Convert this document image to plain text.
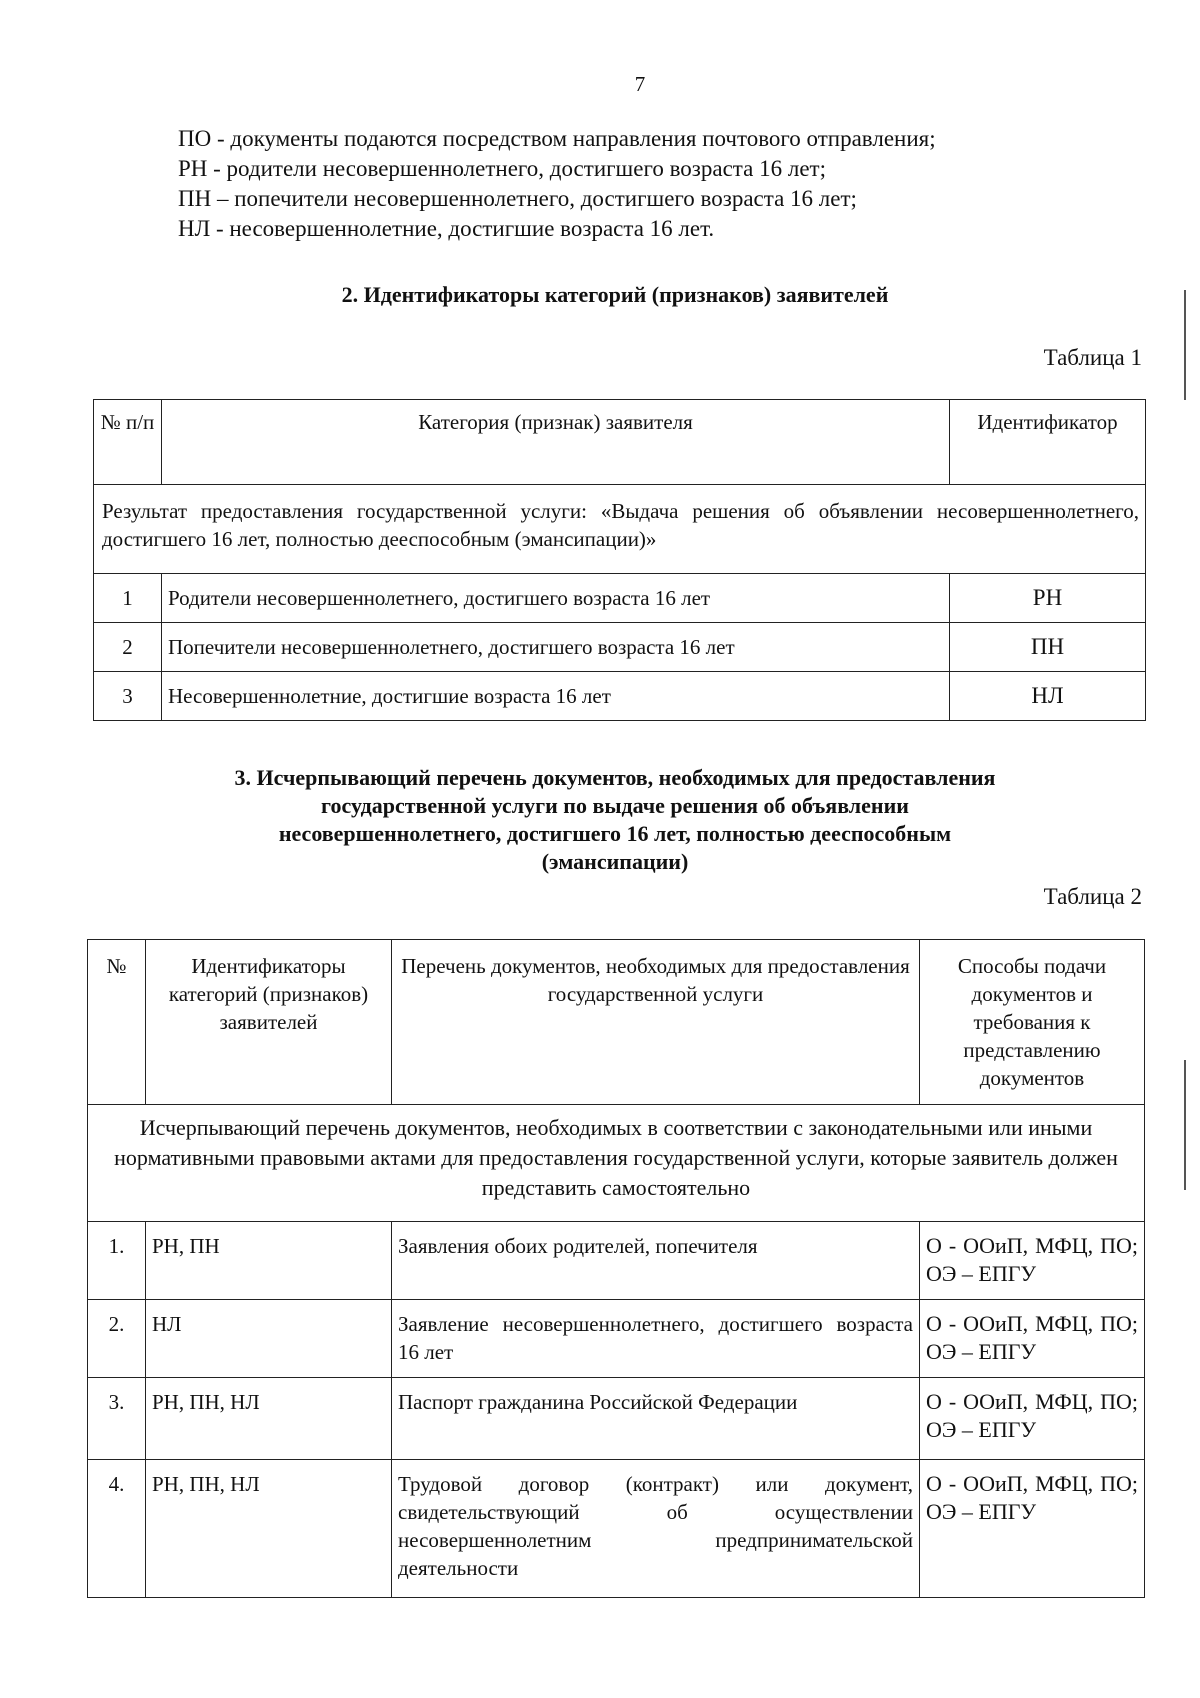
7
ПО - документы подаются посредством направления почтового отправления;
РН - родители несовершеннолетнего, достигшего возраста 16 лет;
ПН – попечители несовершеннолетнего, достигшего возраста 16 лет;
НЛ - несовершеннолетние, достигшие возраста 16 лет.
2. Идентификаторы категорий (признаков) заявителей
Таблица 1
№ п/п	Категория (признак) заявителя	Идентификатор
Результат предоставления государственной услуги: «Выдача решения об объявлении несовершеннолетнего, достигшего 16 лет, полностью дееспособным (эмансипации)»		
1	Родители несовершеннолетнего, достигшего возраста 16 лет	РН
2	Попечители несовершеннолетнего, достигшего возраста 16 лет	ПН
3	Несовершеннолетние, достигшие возраста 16 лет	НЛ
3. Исчерпывающий перечень документов, необходимых для предоставления государственной услуги по выдаче решения об объявлении несовершеннолетнего, достигшего 16 лет, полностью дееспособным (эмансипации)
Таблица 2
№	Идентификаторы категорий (признаков) заявителей	Перечень документов, необходимых для предоставления государственной услуги	Способы подачи документов и требования к представлению документов
Исчерпывающий перечень документов, необходимых в соответствии с законодательными или иными нормативными правовыми актами для предоставления государственной услуги, которые заявитель должен представить самостоятельно			
1.	РН, ПН	Заявления обоих родителей, попечителя	О - ООиП, МФЦ, ПО; ОЭ – ЕПГУ
2.	НЛ	Заявление несовершеннолетнего, достигшего возраста 16 лет	О - ООиП, МФЦ, ПО; ОЭ – ЕПГУ
3.	РН, ПН, НЛ	Паспорт гражданина Российской Федерации	О - ООиП, МФЦ, ПО; ОЭ – ЕПГУ
4.	РН, ПН, НЛ	Трудовой договор (контракт) или документ, свидетельствующий об осуществлении несовершеннолетним предпринимательской деятельности	О - ООиП, МФЦ, ПО; ОЭ – ЕПГУ
